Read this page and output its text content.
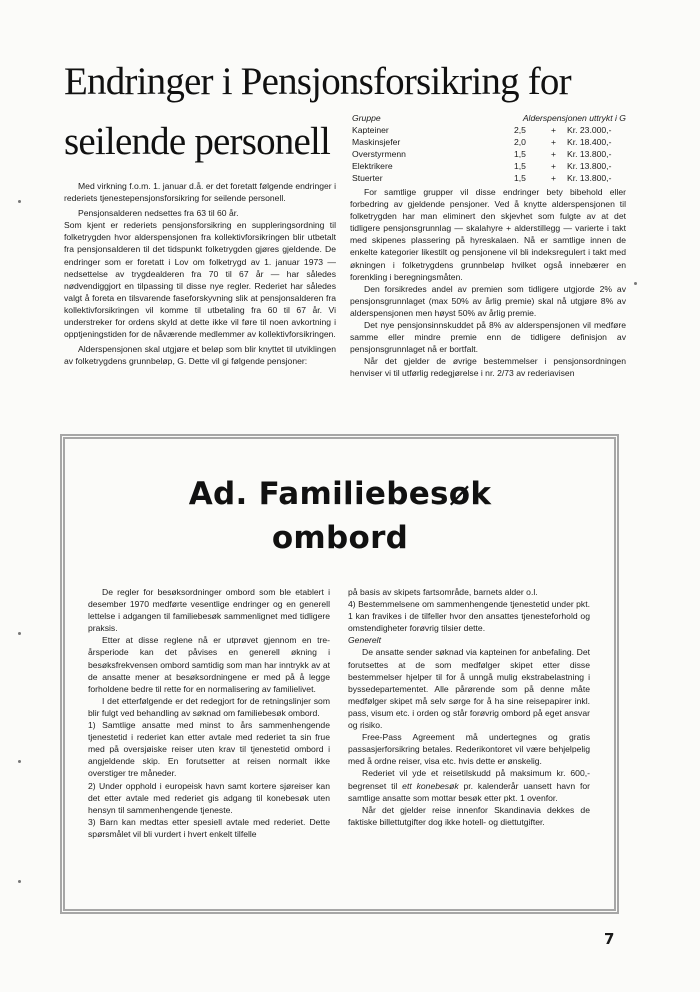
Endringer i Pensjonsforsikring for
seilende personell

Med virkning f.o.m. 1. januar d.å. er det foretatt følgende endringer i rederiets tjenestepensjonsforsikring for seilende personell.

Pensjonsalderen nedsettes fra 63 til 60 år.

Som kjent er rederiets pensjonsforsikring en suppleringsordning til folketrygden hvor alderspensjonen fra kollektivforsikringen blir utbetalt fra pensjonsalderen til det tidspunkt folketrygden gjøres gjeldende. De endringer som er foretatt i Lov om folketrygd av 1. januar 1973 — nedsettelse av trygdealderen fra 70 til 67 år — har således nødvendiggjort en tilpassing til disse nye regler. Rederiet har således valgt å foreta en tilsvarende faseforskyvning slik at pensjonsalderen fra kollektivforsikringen vil komme til utbetaling fra 60 til 67 år. Vi understreker for ordens skyld at dette ikke vil føre til noen avkortning i opptjeningstiden for de nåværende medlemmer av kollektivforsikringen.

Alderspensjonen skal utgjøre et beløp som blir knyttet til utviklingen av folketrygdens grunnbeløp, G. Dette vil gi følgende pensjoner:

Gruppe	Alderspensjonen uttrykt i G
Kapteiner	2,5	+ Kr. 23.000,-
Maskinsjefer	2,0	+ Kr. 18.400,-
Overstyrmenn	1,5	+ Kr. 13.800,-
Elektrikere	1,5	+ Kr. 13.800,-
Stuerter	1,5	+ Kr. 13.800,-

For samtlige grupper vil disse endringer bety bibehold eller forbedring av gjeldende pensjoner. Ved å knytte alderspensjonen til folketrygden har man eliminert den skjevhet som fulgte av at det tidligere pensjonsgrunnlag — skalahyre + alderstillegg — varierte i takt med skipenes plassering på hyreskalaen. Nå er samtlige innen de enkelte kategorier likestilt og pensjonene vil bli indeksregulert i takt med økningen i folketrygdens grunnbeløp hvilket også innebærer en forenkling i beregningsmåten.

Den forsikredes andel av premien som tidligere utgjorde 2% av pensjonsgrunnlaget (max 50% av årlig premie) skal nå utgjøre 8% av alderspensjonen men høyst 50% av årlig premie.

Det nye pensjonsinnskuddet på 8% av alderspensjonen vil medføre samme eller mindre premie enn de tidligere definisjon av pensjonsgrunnlaget nå er bortfalt.

Når det gjelder de øvrige bestemmelser i pensjonsordningen henviser vi til utførlig redegjørelse i nr. 2/73 av rederiavisen

Ad. Familiebesøk
ombord

De regler for besøksordninger ombord som ble etablert i desember 1970 medførte vesentlige endringer og en generell lettelse i adgangen til familiebesøk sammenlignet med tidligere praksis.

Etter at disse reglene nå er utprøvet gjennom en tre-årsperiode kan det påvises en generell økning i besøksfrekvensen ombord samtidig som man har inntrykk av at de ansatte mener at besøksordningene er med på å legge forholdene bedre til rette for en normalisering av familielivet.

I det etterfølgende er det redegjort for de retningslinjer som blir fulgt ved behandling av søknad om familiebesøk ombord.

1) Samtlige ansatte med minst to års sammenhengende tjenestetid i rederiet kan etter avtale med rederiet ta sin frue med på oversjøiske reiser uten krav til tjenestetid ombord i angjeldende skip. En forutsetter at reisen normalt ikke overstiger tre måneder.

2) Under opphold i europeisk havn samt kortere sjøreiser kan det etter avtale med rederiet gis adgang til konebesøk uten hensyn til sammenhengende tjeneste.

3) Barn kan medtas etter spesiell avtale med rederiet. Dette spørsmålet vil bli vurdert i hvert enkelt tilfelle

på basis av skipets fartsområde, barnets alder o.l.

4) Bestemmelsene om sammenhengende tjenestetid under pkt. 1 kan fravikes i de tilfeller hvor den ansattes tjenesteforhold og omstendigheter forøvrig tilsier dette.

Generelt

De ansatte sender søknad via kapteinen for anbefaling. Det forutsettes at de som medfølger skipet etter disse bestemmelser hjelper til for å unngå mulig ekstrabelastning i byssedepartementet. Alle pårørende som på denne måte medfølger skipet må selv sørge for å ha sine reisepapirer inkl. pass, visum etc. i orden og står forøvrig ombord på eget ansvar og risiko.

Free-Pass Agreement må undertegnes og gratis passasjerforsikring betales. Rederikontoret vil være behjelpelig med å ordne reiser, visa etc. hvis dette er ønskelig.

Rederiet vil yde et reisetilskudd på maksimum kr. 600,- begrenset til ett konebesøk pr. kalenderår uansett havn for samtlige ansatte som mottar besøk etter pkt. 1 ovenfor.

Når det gjelder reise innenfor Skandinavia dekkes de faktiske billettutgifter dog ikke hotell- og diettutgifter.

7
